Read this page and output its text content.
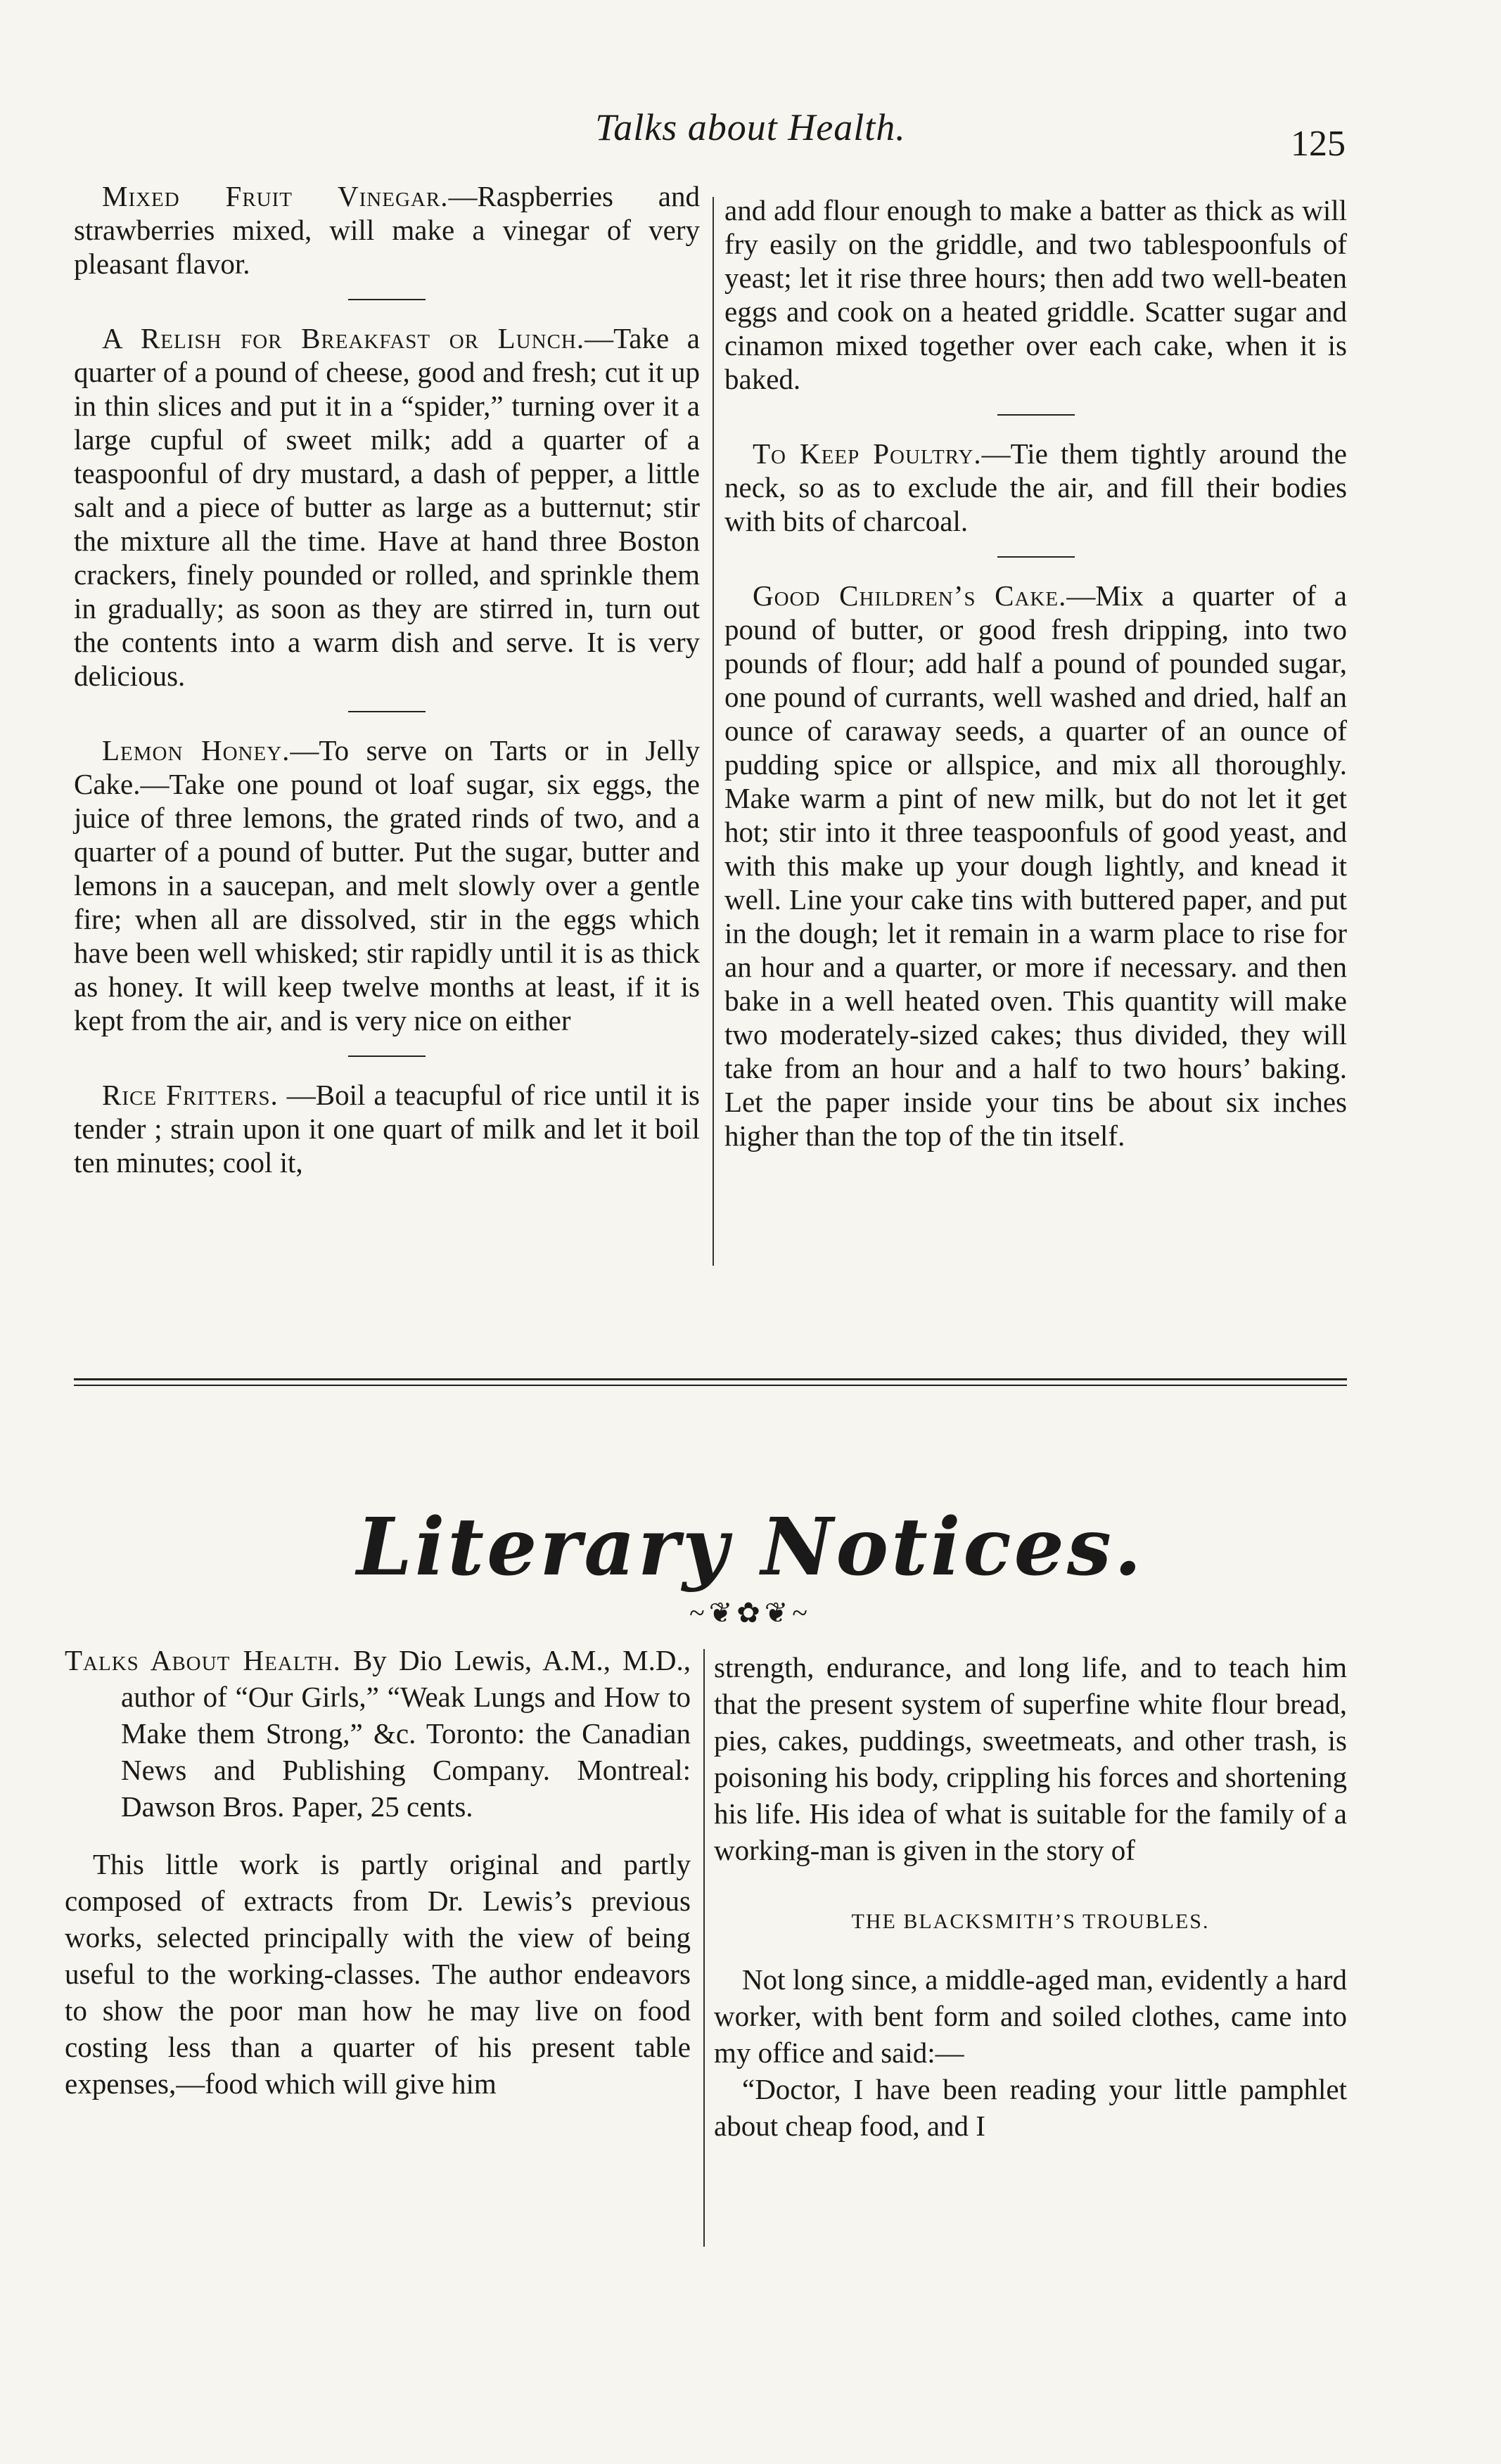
Talks about Health.	125

Mixed Fruit Vinegar.—Raspberries and strawberries mixed, will make a vinegar of very pleasant flavor.

A Relish for Breakfast or Lunch.—Take a quarter of a pound of cheese, good and fresh; cut it up in thin slices and put it in a “spider,” turning over it a large cupful of sweet milk; add a quarter of a teaspoonful of dry mustard, a dash of pepper, a little salt and a piece of butter as large as a butternut; stir the mixture all the time. Have at hand three Boston crackers, finely pounded or rolled, and sprinkle them in gradually; as soon as they are stirred in, turn out the contents into a warm dish and serve. It is very delicious.

Lemon Honey.—To serve on Tarts or in Jelly Cake.—Take one pound ot loaf sugar, six eggs, the juice of three lemons, the grated rinds of two, and a quarter of a pound of butter. Put the sugar, butter and lemons in a saucepan, and melt slowly over a gentle fire; when all are dissolved, stir in the eggs which have been well whisked; stir rapidly until it is as thick as honey. It will keep twelve months at least, if it is kept from the air, and is very nice on either

Rice Fritters. —Boil a teacupful of rice until it is tender ; strain upon it one quart of milk and let it boil ten minutes; cool it,

and add flour enough to make a batter as thick as will fry easily on the griddle, and two tablespoonfuls of yeast; let it rise three hours; then add two well-beaten eggs and cook on a heated griddle. Scatter sugar and cinamon mixed together over each cake, when it is baked.

To Keep Poultry.—Tie them tightly around the neck, so as to exclude the air, and fill their bodies with bits of charcoal.

Good Children’s Cake.—Mix a quarter of a pound of butter, or good fresh dripping, into two pounds of flour; add half a pound of pounded sugar, one pound of currants, well washed and dried, half an ounce of caraway seeds, a quarter of an ounce of pudding spice or allspice, and mix all thoroughly. Make warm a pint of new milk, but do not let it get hot; stir into it three teaspoonfuls of good yeast, and with this make up your dough lightly, and knead it well. Line your cake tins with buttered paper, and put in the dough; let it remain in a warm place to rise for an hour and a quarter, or more if necessary. and then bake in a well heated oven. This quantity will make two moderately-sized cakes; thus divided, they will take from an hour and a half to two hours’ baking. Let the paper inside your tins be about six inches higher than the top of the tin itself.

Literary Notices.
~❦✿❦~

Talks About Health. By Dio Lewis, A.M., M.D., author of “Our Girls,” “Weak Lungs and How to Make them Strong,” &c. Toronto: the Canadian News and Publishing Company. Montreal: Dawson Bros. Paper, 25 cents.

This little work is partly original and partly composed of extracts from Dr. Lewis’s previous works, selected principally with the view of being useful to the working-classes. The author endeavors to show the poor man how he may live on food costing less than a quarter of his present table expenses,—food which will give him

strength, endurance, and long life, and to teach him that the present system of superfine white flour bread, pies, cakes, puddings, sweetmeats, and other trash, is poisoning his body, crippling his forces and shortening his life. His idea of what is suitable for the family of a working-man is given in the story of

THE BLACKSMITH’S TROUBLES.

Not long since, a middle-aged man, evidently a hard worker, with bent form and soiled clothes, came into my office and said:—

“Doctor, I have been reading your little pamphlet about cheap food, and I
